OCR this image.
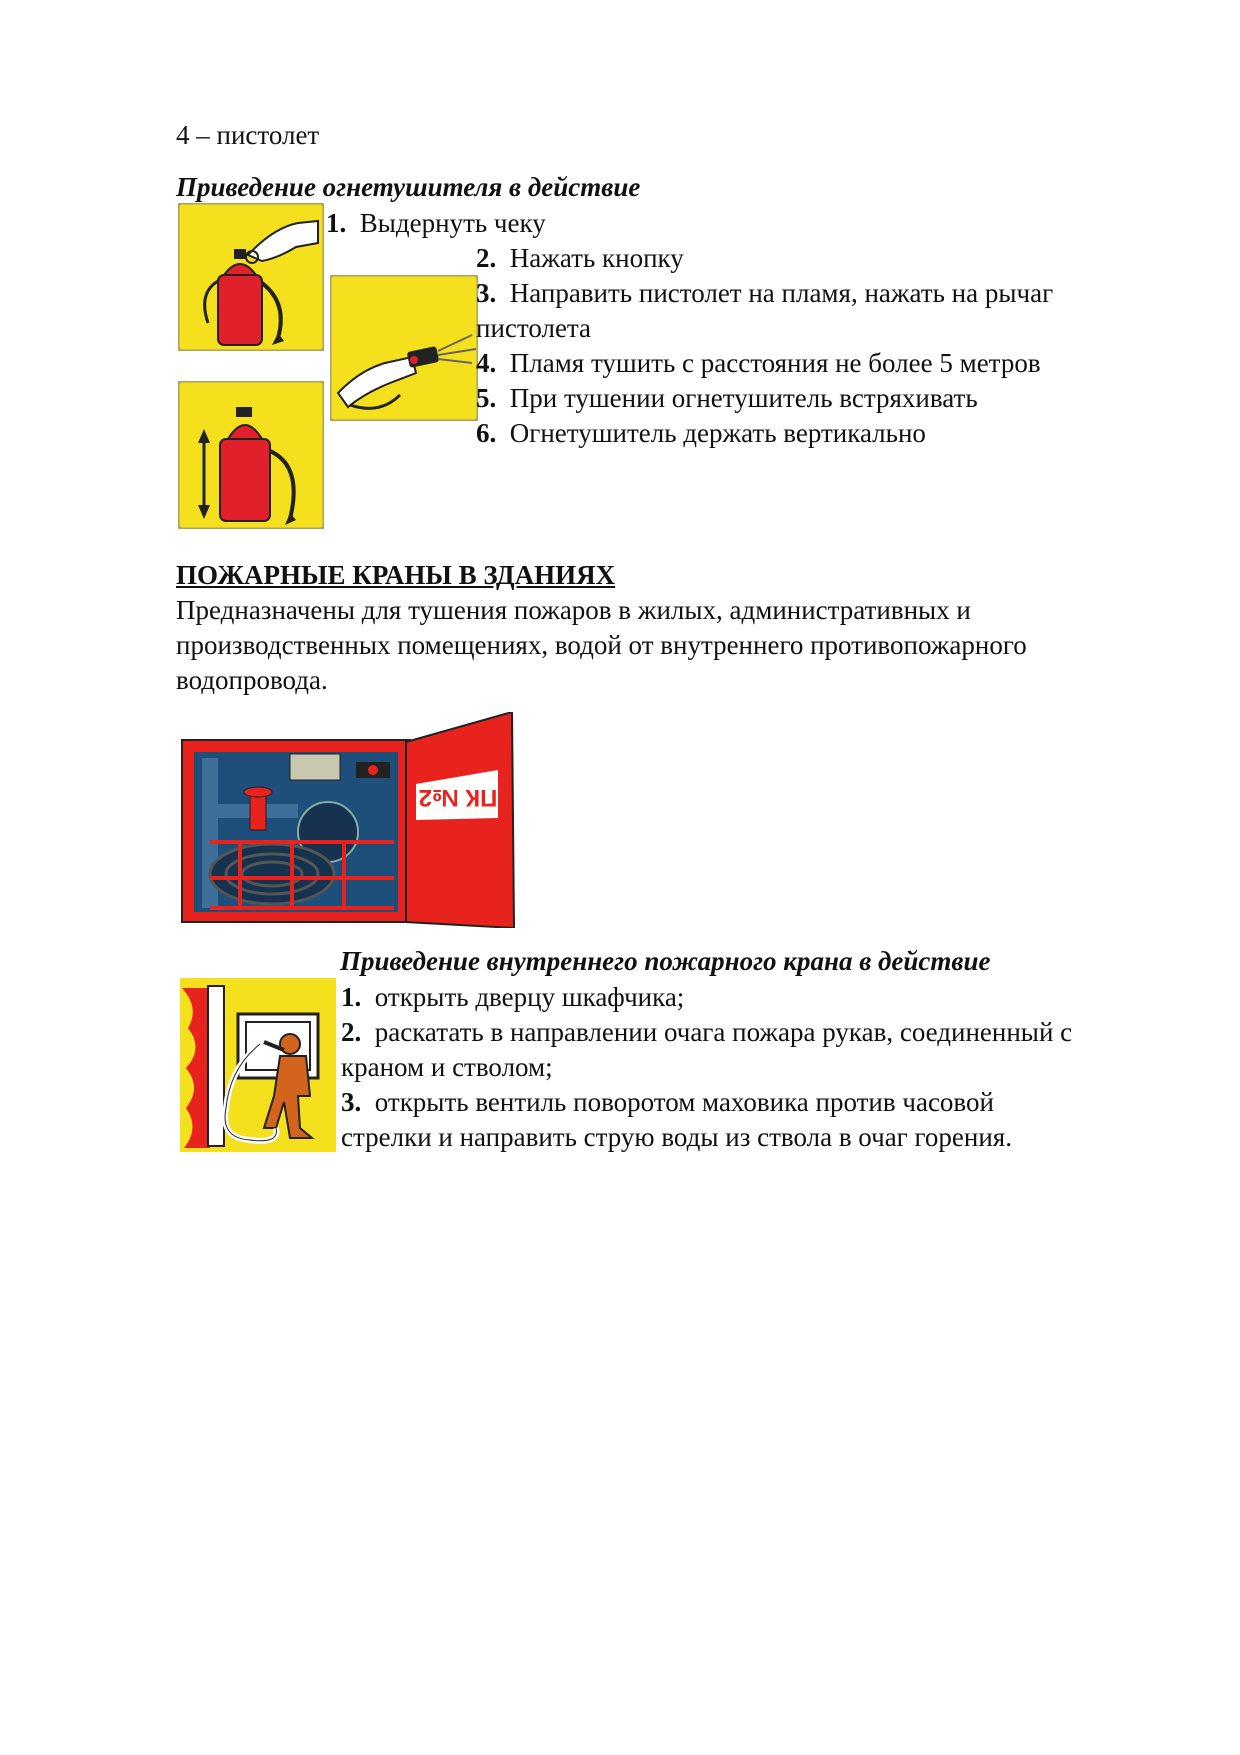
4 – пистолет
Приведение огнетушителя в действие
1. Выдернуть чеку
2. Нажать кнопку
3. Направить пистолет на пламя, нажать на рычаг
пистолета
4. Пламя тушить с расстояния не более 5 метров
5. При тушении огнетушитель встряхивать
6. Огнетушитель держать вертикально
ПОЖАРНЫЕ КРАНЫ В ЗДАНИЯХ
Предназначены для тушения пожаров в жилых, административных и
производственных помещениях, водой от внутреннего противопожарного
водопровода.
ПК №2
Приведение внутреннего пожарного крана в действие
1. открыть дверцу шкафчика;
2. раскатать в направлении очага пожара рукав, соединенный с
краном и стволом;
3. открыть вентиль поворотом маховика против часовой
стрелки и направить струю воды из ствола в очаг горения.
